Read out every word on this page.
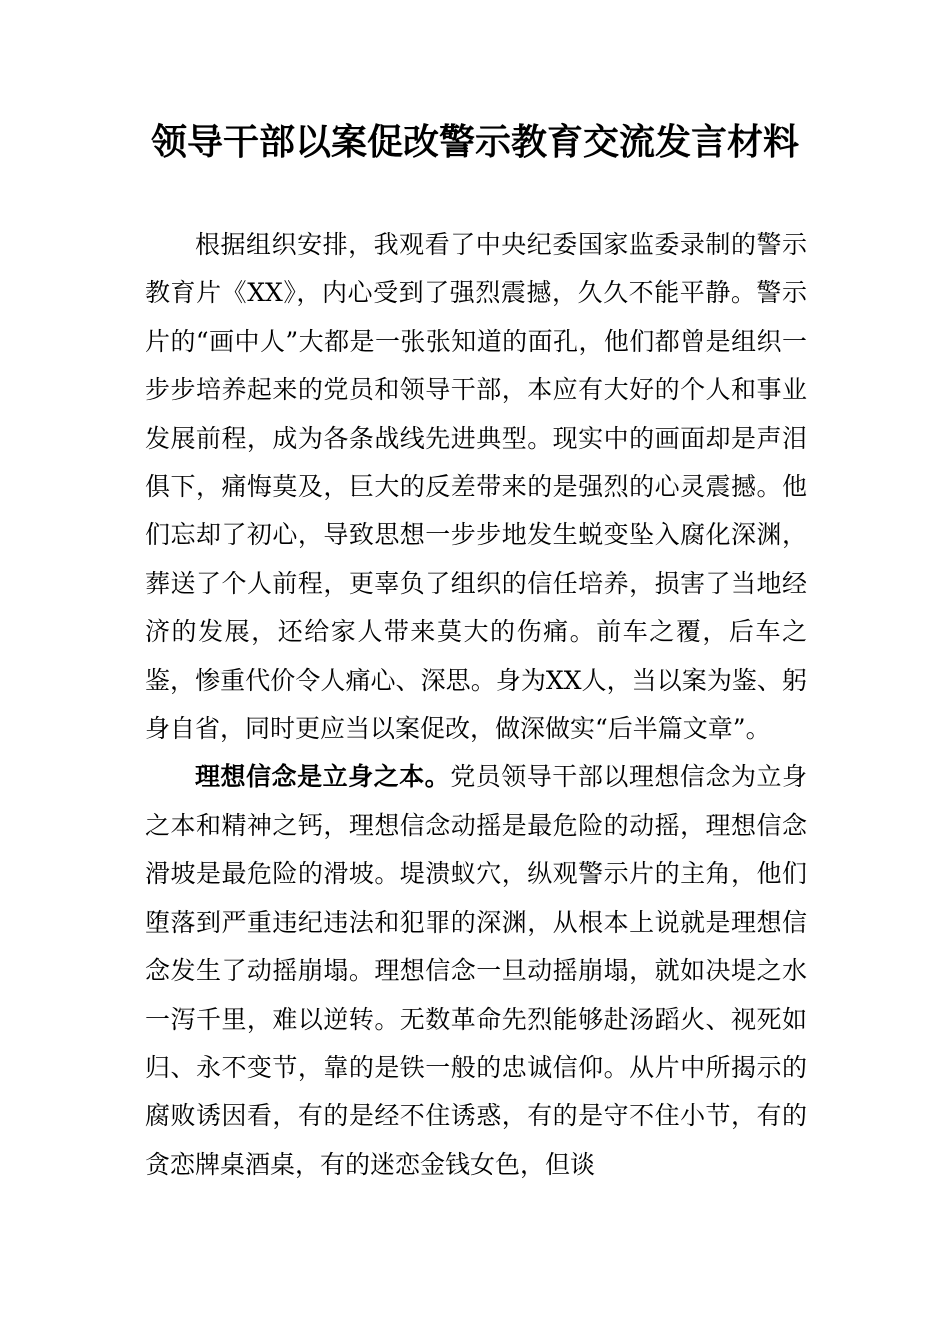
领导干部以案促改警示教育交流发言材料

根据组织安排，我观看了中央纪委国家监委录制的警示教育片《XX》，内心受到了强烈震撼，久久不能平静。警示片的“画中人”大都是一张张知道的面孔，他们都曾是组织一步步培养起来的党员和领导干部，本应有大好的个人和事业发展前程，成为各条战线先进典型。现实中的画面却是声泪俱下，痛悔莫及，巨大的反差带来的是强烈的心灵震撼。他们忘却了初心，导致思想一步步地发生蜕变坠入腐化深渊，葬送了个人前程，更辜负了组织的信任培养，损害了当地经济的发展，还给家人带来莫大的伤痛。前车之覆，后车之鉴，惨重代价令人痛心、深思。身为XX人，当以案为鉴、躬身自省，同时更应当以案促改，做深做实“后半篇文章”。

理想信念是立身之本。党员领导干部以理想信念为立身之本和精神之钙，理想信念动摇是最危险的动摇，理想信念滑坡是最危险的滑坡。堤溃蚁穴，纵观警示片的主角，他们堕落到严重违纪违法和犯罪的深渊，从根本上说就是理想信念发生了动摇崩塌。理想信念一旦动摇崩塌，就如决堤之水一泻千里，难以逆转。无数革命先烈能够赴汤蹈火、视死如归、永不变节，靠的是铁一般的忠诚信仰。从片中所揭示的腐败诱因看，有的是经不住诱惑，有的是守不住小节，有的贪恋牌桌酒桌，有的迷恋金钱女色，但谈
